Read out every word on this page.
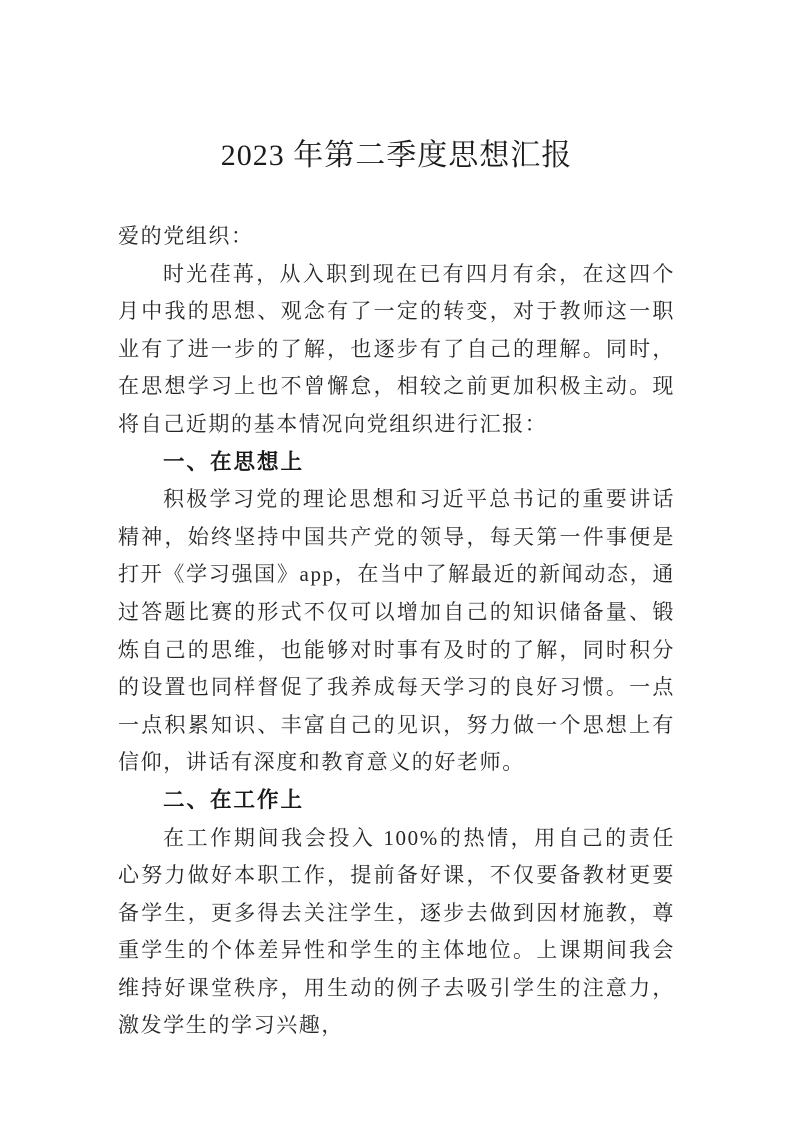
2023 年第二季度思想汇报

爱的党组织：

时光荏苒，从入职到现在已有四月有余，在这四个月中我的思想、观念有了一定的转变，对于教师这一职业有了进一步的了解，也逐步有了自己的理解。同时，在思想学习上也不曾懈怠，相较之前更加积极主动。现将自己近期的基本情况向党组织进行汇报：

一、在思想上

积极学习党的理论思想和习近平总书记的重要讲话精神，始终坚持中国共产党的领导，每天第一件事便是打开《学习强国》app，在当中了解最近的新闻动态，通过答题比赛的形式不仅可以增加自己的知识储备量、锻炼自己的思维，也能够对时事有及时的了解，同时积分的设置也同样督促了我养成每天学习的良好习惯。一点一点积累知识、丰富自己的见识，努力做一个思想上有信仰，讲话有深度和教育意义的好老师。

二、在工作上

在工作期间我会投入 100%的热情，用自己的责任心努力做好本职工作，提前备好课，不仅要备教材更要备学生，更多得去关注学生，逐步去做到因材施教，尊重学生的个体差异性和学生的主体地位。上课期间我会维持好课堂秩序，用生动的例子去吸引学生的注意力，激发学生的学习兴趣，
